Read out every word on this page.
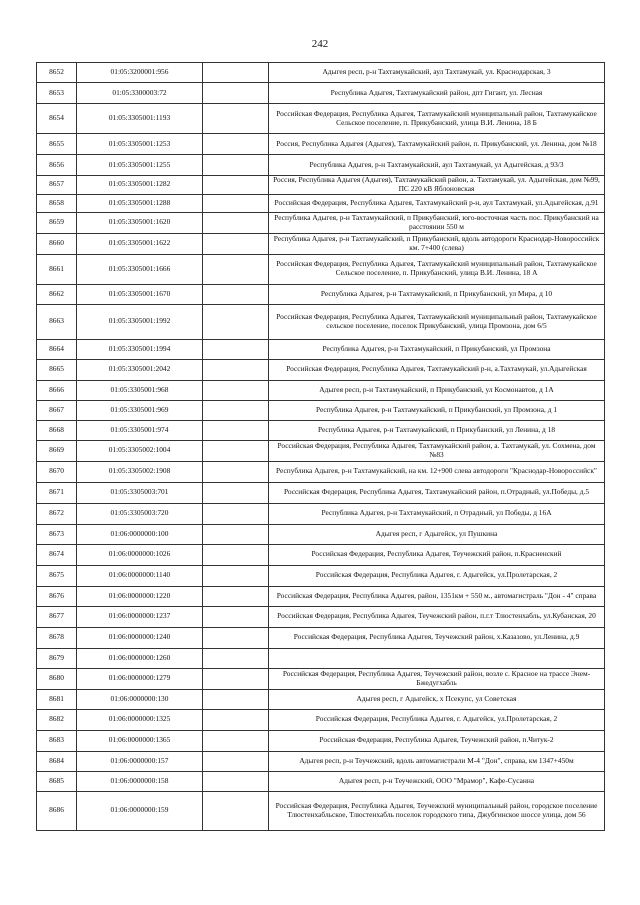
242
8652	01:05:3200001:956		Адыгея респ, р-н Тахтамукайский, аул Тахтамукай, ул. Краснодарская, 3
8653	01:05:3300003:72		Республика Адыгея, Тахтамукайский район, дпт Гигант, ул. Лесная
8654	01:05:3305001:1193		Российская Федерация, Республика Адыгея, Тахтамукайский муниципальный район, Тахтамукайское Сельское поселение, п. Прикубанский, улица В.И. Ленина, 18 Б
8655	01:05:3305001:1253		Россия, Республика Адыгея (Адыгея), Тахтамукайский район, п. Прикубанский, ул. Ленина, дом №18
8656	01:05:3305001:1255		Республика Адыгея, р-н Тахтамукайский, аул Тахтамукай, ул Адыгейская, д 93/3
8657	01:05:3305001:1282		Россия, Республика Адыгея (Адыгея), Тахтамукайский район, а. Тахтамукай, ул. Адыгейская, дом №99, ПС 220 кВ Яблоновская
8658	01:05:3305001:1288		Российская Федерация, Республика Адыгея, Тахтамукайский р-н, аул Тахтамукай, ул.Адыгейская, д.91
8659	01:05:3305001:1620		Республика Адыгея, р-н Тахтамукайский, п Прикубанский, юго-восточная часть пос. Прикубанский на расстоянии 550 м
8660	01:05:3305001:1622		Республика Адыгея, р-н Тахтамукайский, п Прикубанский, вдоль автодороги Краснодар-Новороссийск км. 7+400 (слева)
8661	01:05:3305001:1666		Российская Федерация, Республика Адыгея, Тахтамукайский муниципальный район, Тахтамукайское Сельское поселение, п. Прикубанский, улица В.И. Ленина, 18 А
8662	01:05:3305001:1670		Республика Адыгея, р-н Тахтамукайский, п Прикубанский, ул Мира, д 10
8663	01:05:3305001:1992		Российская Федерация, Республика Адыгея, Тахтамукайский муниципальный район, Тахтамукайское сельское поселение, поселок Прикубанский, улица Промзона, дом 6/5
8664	01:05:3305001:1994		Республика Адыгея, р-н Тахтамукайский, п Прикубанский, ул Промзона
8665	01:05:3305001:2042		Российская Федерация, Республика Адыгея, Тахтамукайский р-н, а.Тахтамукай, ул.Адыгейская
8666	01:05:3305001:968		Адыгея респ, р-н Тахтамукайский, п Прикубанский, ул Космонавтов, д 1А
8667	01:05:3305001:969		Республика Адыгея, р-н Тахтамукайский, п Прикубанский, ул Промзона, д 1
8668	01:05:3305001:974		Республика Адыгея, р-н Тахтамукайский, п Прикубанский, ул Ленина, д 18
8669	01:05:3305002:1004		Российская Федерация, Республика Адыгея, Тахтамукайский район, а. Тахтамукай, ул. Сохмена, дом №83
8670	01:05:3305002:1908		Республика Адыгея, р-н Тахтамукайский, на км. 12+900 слева автодороги "Краснодар-Новороссийск"
8671	01:05:3305003:701		Российская Федерация, Республика Адыгея, Тахтамукайский район, п.Отрадный, ул.Победы, д.5
8672	01:05:3305003:720		Республика Адыгея, р-н Тахтамукайский, п Отрадный, ул Победы, д 16А
8673	01:06:0000000:100		Адыгея респ, г Адыгейск, ул Пушкина
8674	01:06:0000000:1026		Российская Федерация, Республика Адыгея, Теучежский район, п.Красненский
8675	01:06:0000000:1140		Российская Федерация, Республика Адыгея, г. Адыгейск, ул.Пролетарская, 2
8676	01:06:0000000:1220		Российская Федерация, Республика Адыгея, район, 1351км + 550 м., автомагистраль "Дон - 4" справа
8677	01:06:0000000:1237		Российская Федерация, Республика Адыгея, Теучежский район, п.г.т Тлюстенхабль, ул.Кубанская, 20
8678	01:06:0000000:1240		Российская Федерация, Республика Адыгея, Теучежский район, х.Казазово, ул.Ленина, д.9
8679	01:06:0000000:1260		
8680	01:06:0000000:1279		Российская Федерация, Республика Адыгея, Теучежский район, возле с. Красное на трассе Энем-Бжедугхабль
8681	01:06:0000000:130		Адыгея респ, г Адыгейск, х Псекупс, ул Советская
8682	01:06:0000000:1325		Российская Федерация, Республика Адыгея, г. Адыгейск, ул.Пролетарская, 2
8683	01:06:0000000:1365		Российская Федерация, Республика Адыгея, Теучежский район, п.Читук-2
8684	01:06:0000000:157		Адыгея респ, р-н Теучежский, вдоль автомагистрали М-4 "Дон", справа, км 1347+450м
8685	01:06:0000000:158		Адыгея респ, р-н Теучежский, ООО "Мрамор", Кафе-Сусанна
8686	01:06:0000000:159		Российская Федерация, Республика Адыгея, Теучежский муниципальный район, городское поселение Тлюстенхабльское, Тлюстенхабль поселок городского типа, Джубгинское шоссе улица, дом 56
